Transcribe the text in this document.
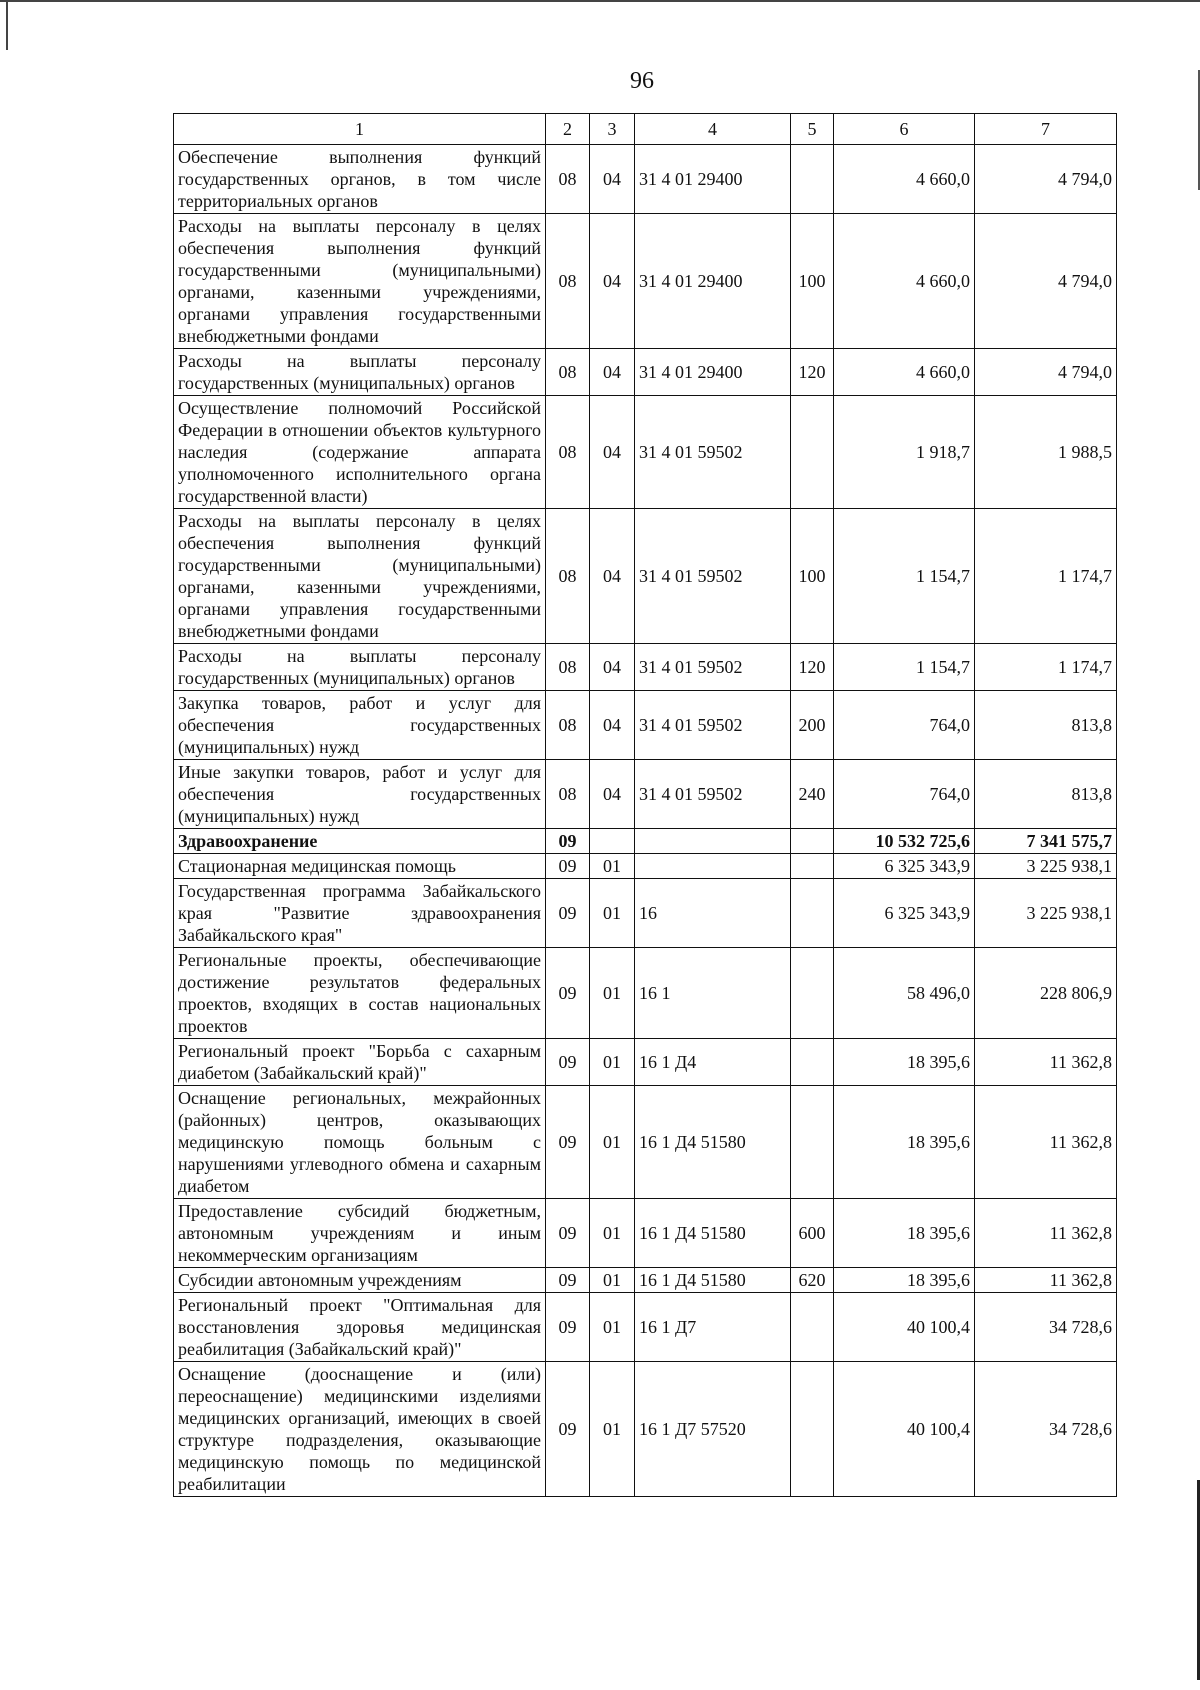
96
1	2	3	4	5	6	7
Обеспечение выполнения функций государственных органов, в том числе территориальных органов	08	04	31 4 01 29400		4 660,0	4 794,0
Расходы на выплаты персоналу в целях обеспечения выполнения функций государственными (муниципальными) органами, казенными учреждениями, органами управления государственными внебюджетными фондами	08	04	31 4 01 29400	100	4 660,0	4 794,0
Расходы на выплаты персоналу государственных (муниципальных) органов	08	04	31 4 01 29400	120	4 660,0	4 794,0
Осуществление полномочий Российской Федерации в отношении объектов культурного наследия (содержание аппарата уполномоченного исполнительного органа государственной власти)	08	04	31 4 01 59502		1 918,7	1 988,5
Расходы на выплаты персоналу в целях обеспечения выполнения функций государственными (муниципальными) органами, казенными учреждениями, органами управления государственными внебюджетными фондами	08	04	31 4 01 59502	100	1 154,7	1 174,7
Расходы на выплаты персоналу государственных (муниципальных) органов	08	04	31 4 01 59502	120	1 154,7	1 174,7
Закупка товаров, работ и услуг для обеспечения государственных (муниципальных) нужд	08	04	31 4 01 59502	200	764,0	813,8
Иные закупки товаров, работ и услуг для обеспечения государственных (муниципальных) нужд	08	04	31 4 01 59502	240	764,0	813,8
Здравоохранение	09				10 532 725,6	7 341 575,7
Стационарная медицинская помощь	09	01			6 325 343,9	3 225 938,1
Государственная программа Забайкальского края "Развитие здравоохранения Забайкальского края"	09	01	16		6 325 343,9	3 225 938,1
Региональные проекты, обеспечивающие достижение результатов федеральных проектов, входящих в состав национальных проектов	09	01	16 1		58 496,0	228 806,9
Региональный проект "Борьба с сахарным диабетом (Забайкальский край)"	09	01	16 1 Д4		18 395,6	11 362,8
Оснащение региональных, межрайонных (районных) центров, оказывающих медицинскую помощь больным с нарушениями углеводного обмена и сахарным диабетом	09	01	16 1 Д4 51580		18 395,6	11 362,8
Предоставление субсидий бюджетным, автономным учреждениям и иным некоммерческим организациям	09	01	16 1 Д4 51580	600	18 395,6	11 362,8
Субсидии автономным учреждениям	09	01	16 1 Д4 51580	620	18 395,6	11 362,8
Региональный проект "Оптимальная для восстановления здоровья медицинская реабилитация (Забайкальский край)"	09	01	16 1 Д7		40 100,4	34 728,6
Оснащение (дооснащение и (или) переоснащение) медицинскими изделиями медицинских организаций, имеющих в своей структуре подразделения, оказывающие медицинскую помощь по медицинской реабилитации	09	01	16 1 Д7 57520		40 100,4	34 728,6
